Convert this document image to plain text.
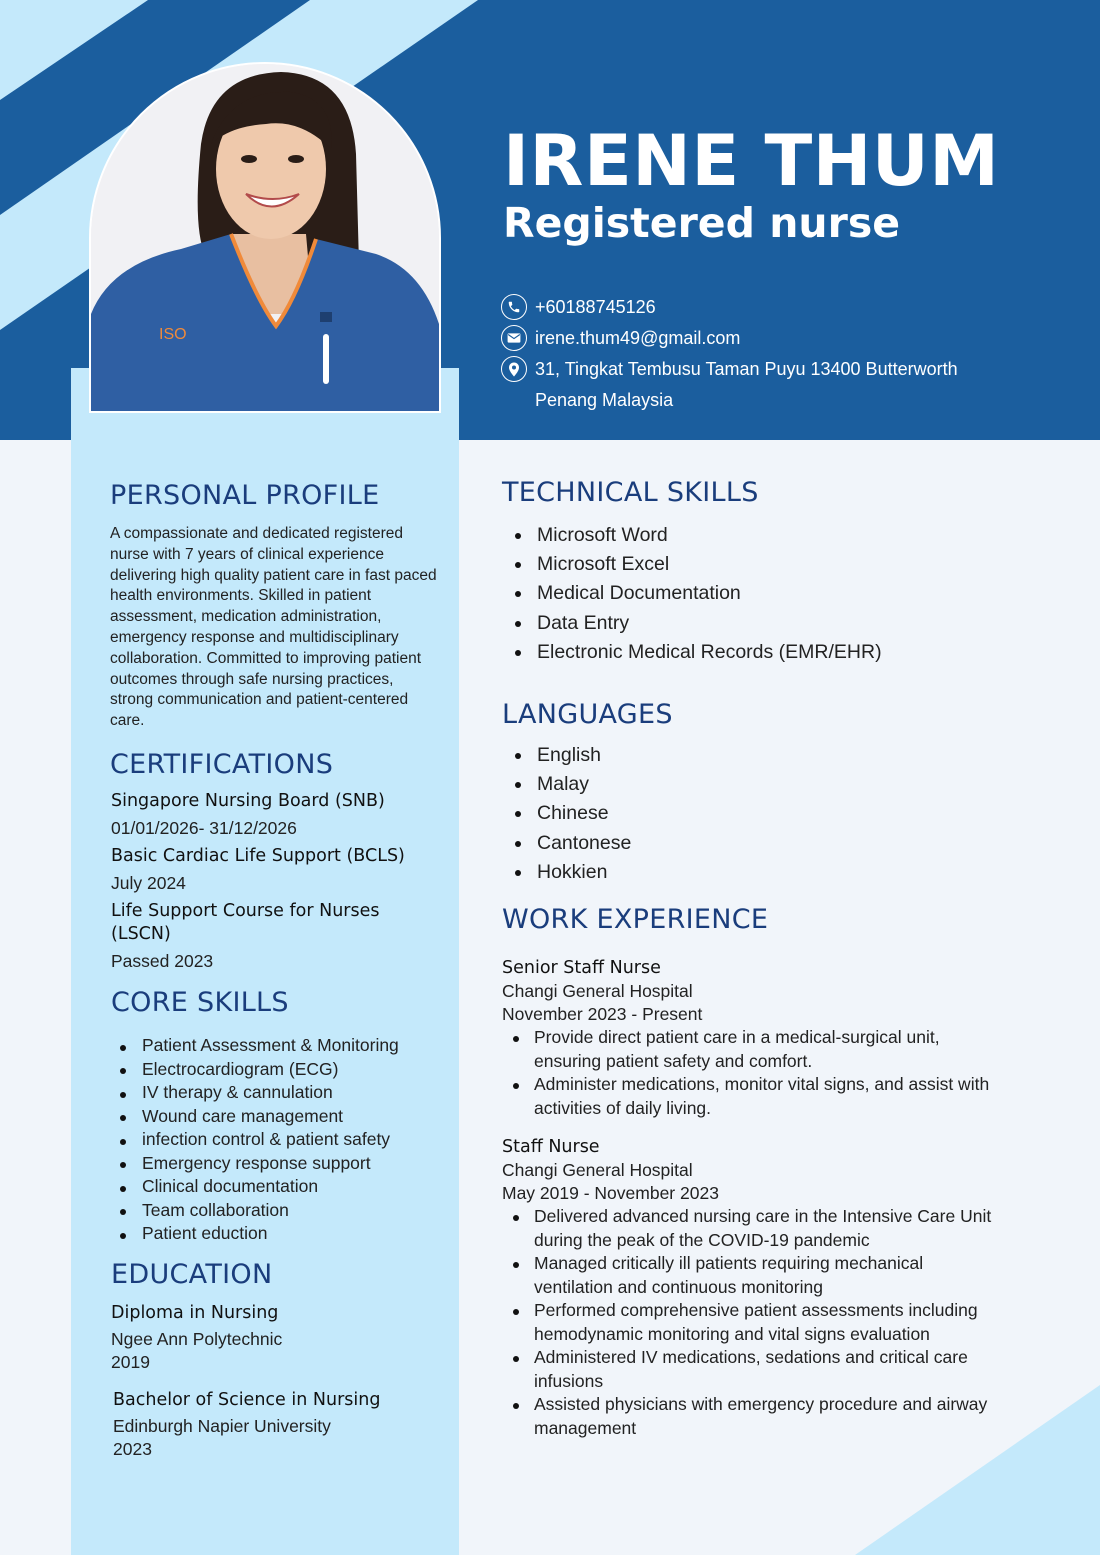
ISO
IRENE THUM
Registered nurse
+60188745126
irene.thum49@gmail.com
31, Tingkat Tembusu Taman Puyu 13400 Butterworth
Penang Malaysia
PERSONAL PROFILE
A compassionate and dedicated registered nurse with 7 years of clinical experience delivering high quality patient care in fast paced health environments. Skilled in patient assessment, medication administration, emergency response and multidisciplinary collaboration. Committed to improving patient outcomes through safe nursing practices, strong communication and patient-centered care.
CERTIFICATIONS
Singapore Nursing Board (SNB)
01/01/2026- 31/12/2026
Basic Cardiac Life Support (BCLS)
July 2024
Life Support Course for Nurses (LSCN)
Passed 2023
CORE SKILLS
Patient Assessment & Monitoring
Electrocardiogram (ECG)
IV therapy & cannulation
Wound care management
infection control & patient safety
Emergency response support
Clinical documentation
Team collaboration
Patient eduction
EDUCATION
Diploma in Nursing
Ngee Ann Polytechnic
2019
Bachelor of Science in Nursing
Edinburgh Napier University
2023
TECHNICAL SKILLS
Microsoft Word
Microsoft Excel
Medical Documentation
Data Entry
Electronic Medical Records (EMR/EHR)
LANGUAGES
English
Malay
Chinese
Cantonese
Hokkien
WORK EXPERIENCE
Senior Staff Nurse
Changi General Hospital
November 2023 - Present
Provide direct patient care in a medical-surgical unit, ensuring patient safety and comfort.
Administer medications, monitor vital signs, and assist with activities of daily living.
Staff Nurse
Changi General Hospital
May 2019 - November 2023
Delivered advanced nursing care in the Intensive Care Unit during the peak of the COVID-19 pandemic
Managed critically ill patients requiring mechanical ventilation and continuous monitoring
Performed comprehensive patient assessments including hemodynamic monitoring and vital signs evaluation
Administered IV medications, sedations and critical care infusions
Assisted physicians with emergency procedure and airway management
